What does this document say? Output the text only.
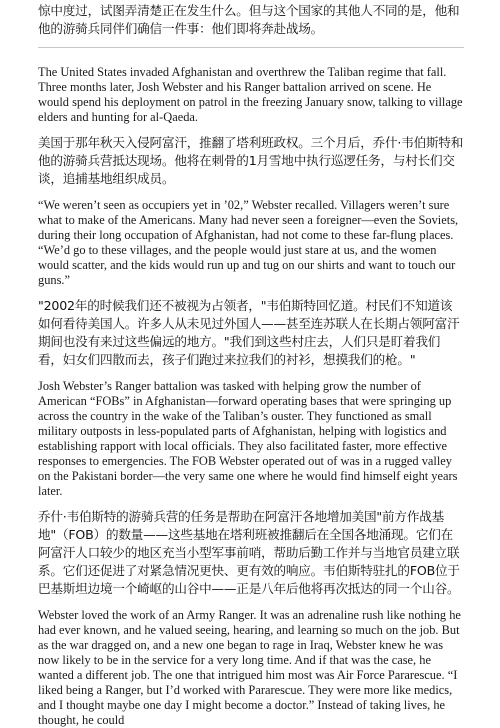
惊中度过，试图弄清楚正在发生什么。但与这个国家的其他人不同的是，他和他的游骑兵同伴们确信一件事：他们即将奔赴战场。

The United States invaded Afghanistan and overthrew the Taliban regime that fall. Three months later, Josh Webster and his Ranger battalion arrived on scene. He would spend his deployment on patrol in the freezing January snow, talking to village elders and hunting for al-Qaeda.

美国于那年秋天入侵阿富汗，推翻了塔利班政权。三个月后，乔什·韦伯斯特和他的游骑兵营抵达现场。他将在刺骨的1月雪地中执行巡逻任务，与村长们交谈，追捕基地组织成员。

“We weren’t seen as occupiers yet in ’02,” Webster recalled. Villagers weren’t sure what to make of the Americans. Many had never seen a foreigner—even the Soviets, during their long occupation of Afghanistan, had not come to these far-flung places. “We’d go to these villages, and the people would just stare at us, and the women would scatter, and the kids would run up and tug on our shirts and want to touch our guns.”

"2002年的时候我们还不被视为占领者，"韦伯斯特回忆道。村民们不知道该如何看待美国人。许多人从未见过外国人——甚至连苏联人在长期占领阿富汗期间也没有来过这些偏远的地方。"我们到这些村庄去，人们只是盯着我们看，妇女们四散而去，孩子们跑过来拉我们的衬衫，想摸我们的枪。"

Josh Webster’s Ranger battalion was tasked with helping grow the number of American “FOBs” in Afghanistan—forward operating bases that were springing up across the country in the wake of the Taliban’s ouster. They functioned as small military outposts in less-populated parts of Afghanistan, helping with logistics and establishing rapport with local officials. They also facilitated faster, more effective responses to emergencies. The FOB Webster operated out of was in a rugged valley on the Pakistani border—the very same one where he would find himself eight years later.

乔什·韦伯斯特的游骑兵营的任务是帮助在阿富汗各地增加美国"前方作战基地"（FOB）的数量——这些基地在塔利班被推翻后在全国各地涌现。它们在阿富汗人口较少的地区充当小型军事前哨，帮助后勤工作并与当地官员建立联系。它们还促进了对紧急情况更快、更有效的响应。韦伯斯特驻扎的FOB位于巴基斯坦边境一个崎岖的山谷中——正是八年后他将再次抵达的同一个山谷。

Webster loved the work of an Army Ranger. It was an adrenaline rush like nothing he had ever known, and he valued seeing, hearing, and learning so much on the job. But as the war dragged on, and a new one began to rage in Iraq, Webster knew he was now likely to be in the service for a very long time. And if that was the case, he wanted a different job. The one that intrigued him most was Air Force Pararescue. “I liked being a Ranger, but I’d worked with Pararescue. They were more like medics, and I thought maybe one day I might become a doctor.” Instead of taking lives, he thought, he could
